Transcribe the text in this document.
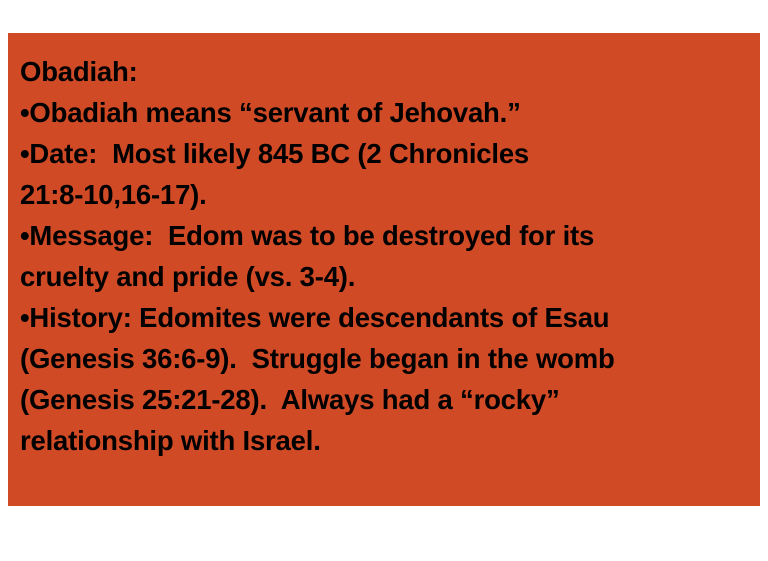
Obadiah:
•Obadiah means “servant of Jehovah.”
•Date:  Most likely 845 BC (2 Chronicles
21:8-10,16-17).
•Message:  Edom was to be destroyed for its
cruelty and pride (vs. 3-4).
•History: Edomites were descendants of Esau
(Genesis 36:6-9).  Struggle began in the womb
(Genesis 25:21-28).  Always had a “rocky”
relationship with Israel.
